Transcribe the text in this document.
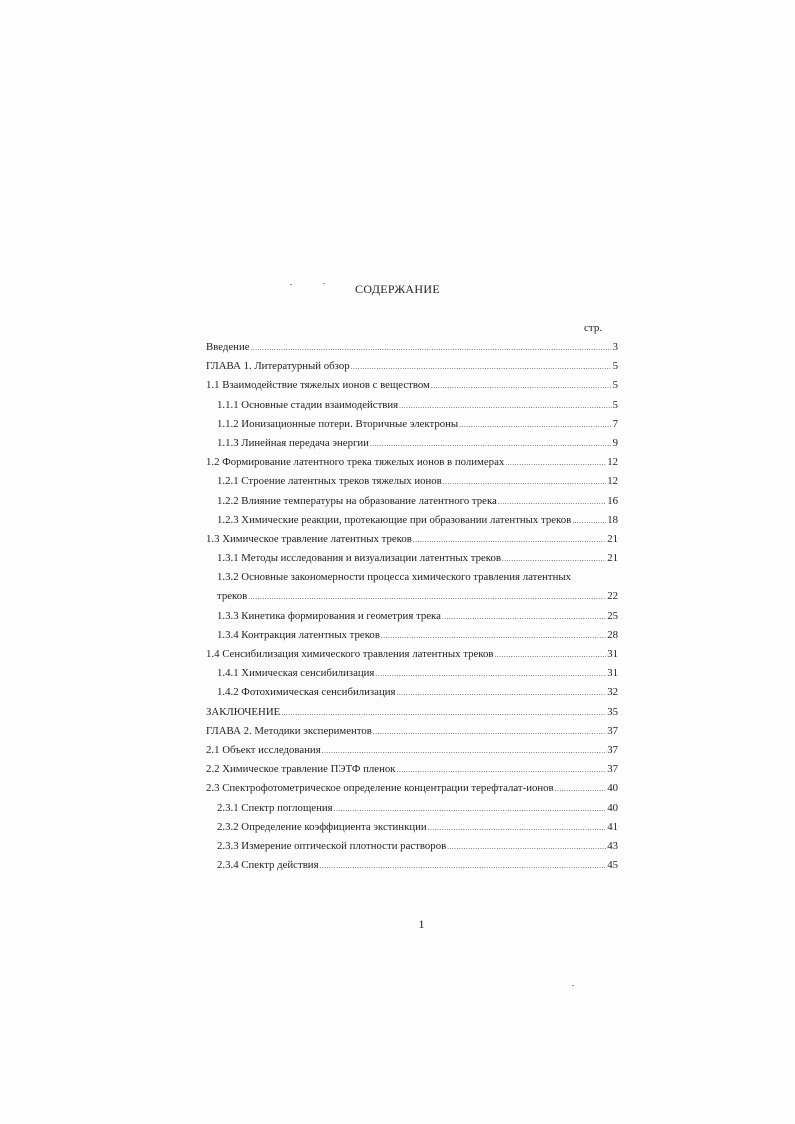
СОДЕРЖАНИЕ
стр.
Введение .....	3
ГЛАВА 1. Литературный обзор .....	5
1.1 Взаимодействие тяжелых ионов с веществом .....	5
1.1.1 Основные стадии взаимодействия .....	5
1.1.2 Ионизационные потери. Вторичные электроны .....	7
1.1.3 Линейная передача энергии .....	9
1.2 Формирование латентного трека тяжелых ионов в полимерах .....	12
1.2.1 Строение латентных треков тяжелых ионов .....	12
1.2.2 Влияние температуры на образование латентного трека .....	16
1.2.3 Химические реакции, протекающие при образовании латентных треков .....	18
1.3 Химическое травление латентных треков .....	21
1.3.1 Методы исследования и визуализации латентных треков .....	21
1.3.2 Основные закономерности процесса химического травления латентных
треков .....	22
1.3.3 Кинетика формирования и геометрия трека .....	25
1.3.4 Контракция латентных треков .....	28
1.4 Сенсибилизация химического травления латентных треков .....	31
1.4.1 Химическая сенсибилизация .....	31
1.4.2 Фотохимическая сенсибилизация .....	32
ЗАКЛЮЧЕНИЕ .....	35
ГЛАВА 2. Методики экспериментов .....	37
2.1 Объект исследования .....	37
2.2 Химическое травление ПЭТФ пленок .....	37
2.3 Спектрофотометрическое определение концентрации терефталат-ионов .....	40
2.3.1 Спектр поглощения .....	40
2.3.2 Определение коэффициента экстинкции .....	41
2.3.3 Измерение оптической плотности растворов .....	43
2.3.4 Спектр действия .....	45
1
